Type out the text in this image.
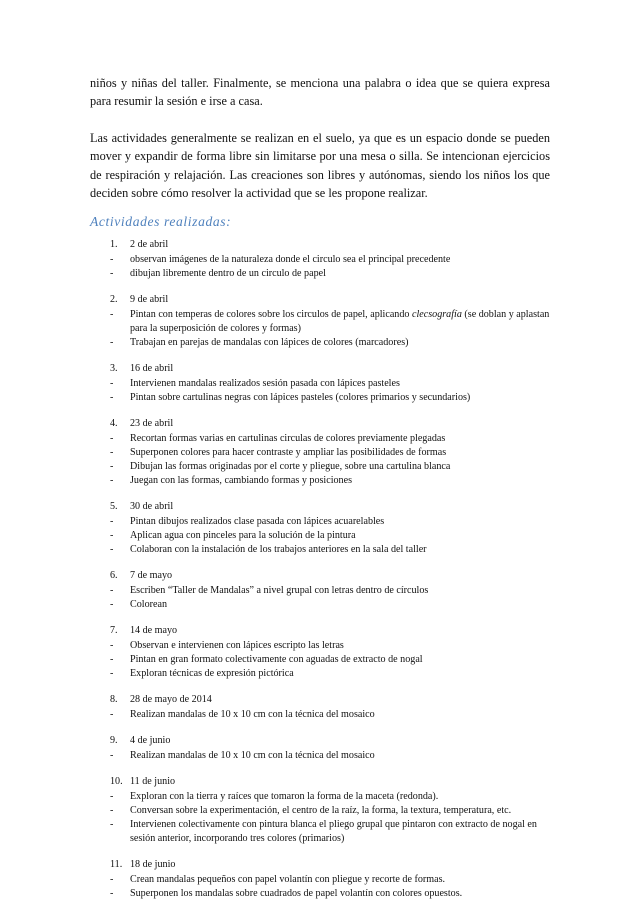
niños y niñas del taller. Finalmente, se menciona una palabra o idea que se quiera expresa para resumir la sesión e irse a casa.

Las actividades generalmente se realizan en el suelo, ya que es un espacio donde se pueden mover y expandir de forma libre sin limitarse por una mesa o silla. Se intencionan ejercicios de respiración y relajación. Las creaciones son libres y autónomas, siendo los niños los que deciden sobre cómo resolver la actividad que se les propone realizar.

Actividades realizadas:
1.	2 de abril
-	observan imágenes de la naturaleza donde el circulo sea el principal precedente
-	dibujan libremente dentro de un circulo de papel
2.	9 de abril
-	Pintan con temperas de colores sobre los circulos de papel, aplicando clecsografía (se doblan y aplastan para la superposición de colores y formas)
-	Trabajan en parejas de mandalas con lápices de colores (marcadores)
3.	16 de abril
-	Intervienen mandalas realizados sesión pasada con lápices pasteles
-	Pintan sobre cartulinas negras con lápices pasteles (colores primarios y secundarios)
4.	23 de abril
-	Recortan formas varias en cartulinas circulas de colores previamente plegadas
-	Superponen colores para hacer contraste y ampliar las posibilidades de formas
-	Dibujan las formas originadas por el corte y pliegue, sobre una cartulina blanca
-	Juegan con las formas, cambiando formas y posiciones
5.	30 de abril
-	Pintan dibujos realizados clase pasada con lápices acuarelables
-	Aplican agua con pinceles para la solución de la pintura
-	Colaboran con la instalación de los trabajos anteriores en la sala del taller
6.	7 de mayo
-	Escriben “Taller de Mandalas” a nivel grupal con letras dentro de círculos
-	Colorean
7.	14 de mayo
-	Observan e intervienen con lápices escripto las letras
-	Pintan en gran formato colectivamente con aguadas de extracto de nogal
-	Exploran técnicas de expresión pictórica
8.	28 de mayo de 2014
-	Realizan mandalas de 10 x 10 cm con la técnica del mosaico
9.	4 de junio
-	Realizan mandalas de 10 x 10 cm con la técnica del mosaico
10. 11 de junio
-	Exploran con la tierra y raíces que tomaron la forma de la maceta (redonda).
-	Conversan sobre la experimentación, el centro de la raíz, la forma, la textura, temperatura, etc.
-	Intervienen colectivamente con pintura blanca el pliego grupal que pintaron con extracto de nogal en sesión anterior, incorporando tres colores (primarios)
11. 18 de junio
-	Crean mandalas pequeños con papel volantín con pliegue y recorte de formas.
-	Superponen los mandalas sobre cuadrados de papel volantín con colores opuestos.
